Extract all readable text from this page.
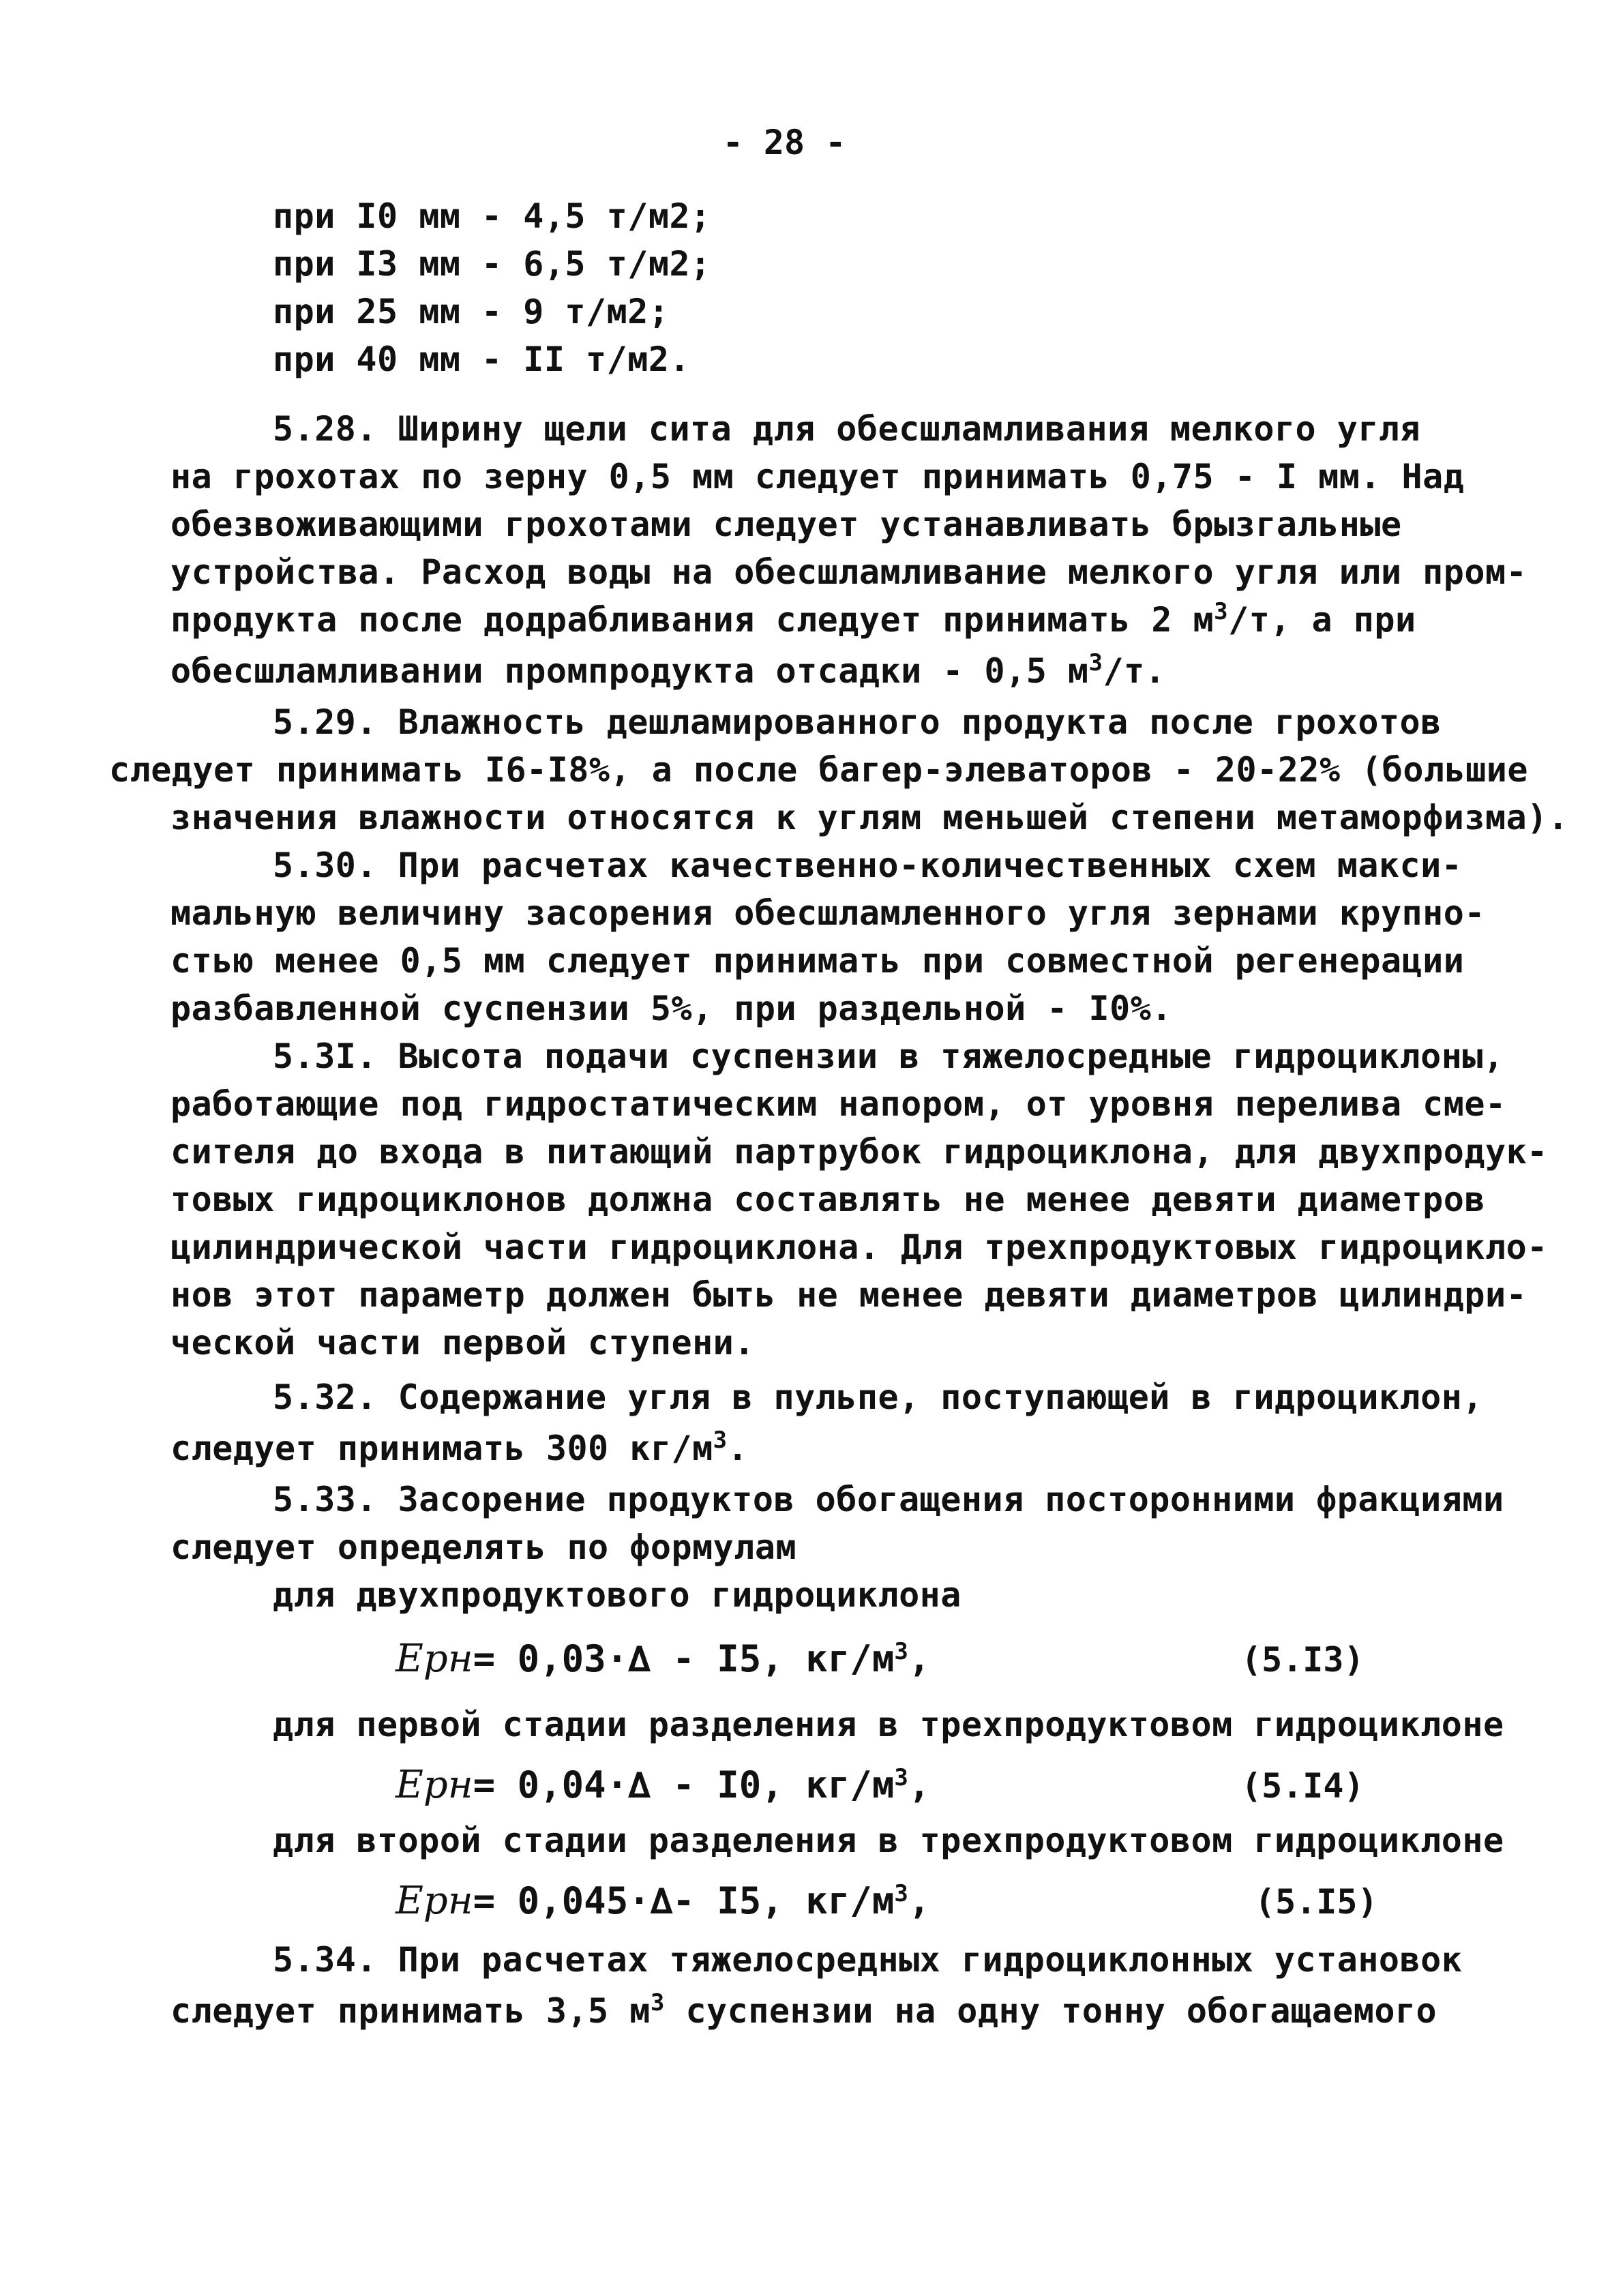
- 28 -
при I0 мм - 4,5 т/м2;
при I3 мм - 6,5 т/м2;
при 25 мм - 9 т/м2;
при 40 мм - II т/м2.
5.28. Ширину щели сита для обесшламливания мелкого угля
на грохотах по зерну 0,5 мм следует принимать 0,75 - I мм. Над
обезвоживающими грохотами следует устанавливать брызгальные
устройства. Расход воды на обесшламливание мелкого угля или пром-
продукта после додрабливания следует принимать 2 $м^3/т$, а при
обесшламливании промпродукта отсадки - 0,5 $м^3/т$.
5.29. Влажность дешламированного продукта после грохотов
следует принимать I6-I8%, а после багер-элеваторов - 20-22% (большие
значения влажности относятся к углям меньшей степени метаморфизма).
5.30. При расчетах качественно-количественных схем макси-
мальную величину засорения обесшламленного угля зернами крупно-
стью менее 0,5 мм следует принимать при совместной регенерации
разбавленной суспензии 5%, при раздельной - I0%.
5.3I. Высота подачи суспензии в тяжелосредные гидроциклоны,
работающие под гидростатическим напором, от уровня перелива сме-
сителя до входа в питающий партрубок гидроциклона, для двухпродук-
товых гидроциклонов должна составлять не менее девяти диаметров
цилиндрической части гидроциклона. Для трехпродуктовых гидроцикло-
нов этот параметр должен быть не менее девяти диаметров цилиндри-
ческой части первой ступени.
5.32. Содержание угля в пульпе, поступающей в гидроциклон,
следует принимать 300 $кг/м^3$.
5.33. Засорение продуктов обогащения посторонними фракциями
следует определять по формулам
для двухпродуктового гидроциклона
Epн= 0,03·∆ - I5, $кг/м^3$,	(5.I3)
для первой стадии разделения в трехпродуктовом гидроциклоне
Epн= 0,04·∆ - I0, $кг/м^3$,	(5.I4)
для второй стадии разделения в трехпродуктовом гидроциклоне
Epн= 0,045·∆- I5, $кг/м^3$,	(5.I5)
5.34. При расчетах тяжелосредных гидроциклонных установок
следует принимать 3,5 $м^3$ суспензии на одну тонну обогащаемого
